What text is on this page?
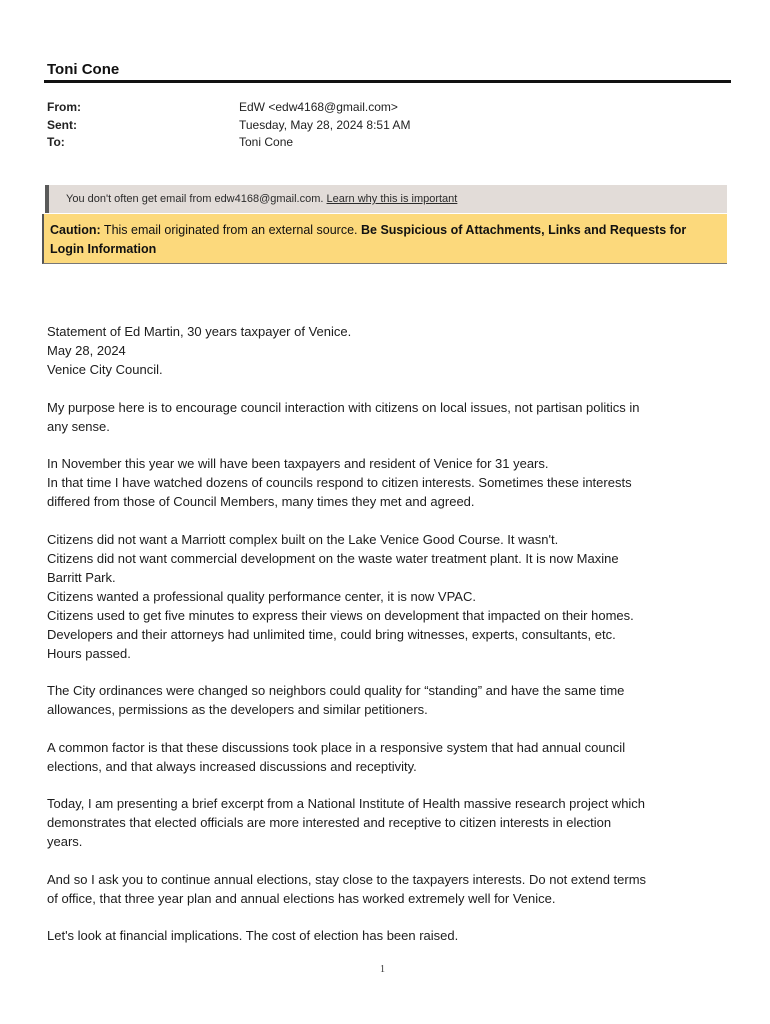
Toni Cone
From:	EdW <edw4168@gmail.com>
Sent:	Tuesday, May 28, 2024 8:51 AM
To:	Toni Cone
You don't often get email from edw4168@gmail.com. Learn why this is important
Caution: This email originated from an external source. Be Suspicious of Attachments, Links and Requests for Login Information
Statement of Ed Martin, 30 years taxpayer of Venice.
May 28, 2024
Venice City Council.
My purpose here is to encourage council interaction with citizens on local issues, not partisan politics in
any sense.
In November this year we will have been taxpayers and resident of Venice for 31 years.
In that time I have watched dozens of councils respond to citizen interests. Sometimes these interests
differed from those of Council Members, many times they met and agreed.
Citizens did not want a Marriott complex built on the Lake Venice Good Course. It wasn't.
Citizens did not want commercial development on the waste water treatment plant. It is now Maxine
Barritt Park.
Citizens wanted a professional quality performance center, it is now VPAC.
Citizens used to get five minutes to express their views on development that impacted on their homes.
Developers and their attorneys had unlimited time, could bring witnesses, experts, consultants, etc.
Hours passed.
The City ordinances were changed so neighbors could quality for “standing” and have the same time
allowances, permissions as the developers and similar petitioners.
A common factor is that these discussions took place in a responsive system that had annual council
elections, and that always increased discussions and receptivity.
Today, I am presenting a brief excerpt from a National Institute of Health massive research project which
demonstrates that elected officials are more interested and receptive to citizen interests in election
years.
And so I ask you to continue annual elections, stay close to the taxpayers interests. Do not extend terms
of office, that three year plan and annual elections has worked extremely well for Venice.
Let's look at financial implications. The cost of election has been raised.
1
